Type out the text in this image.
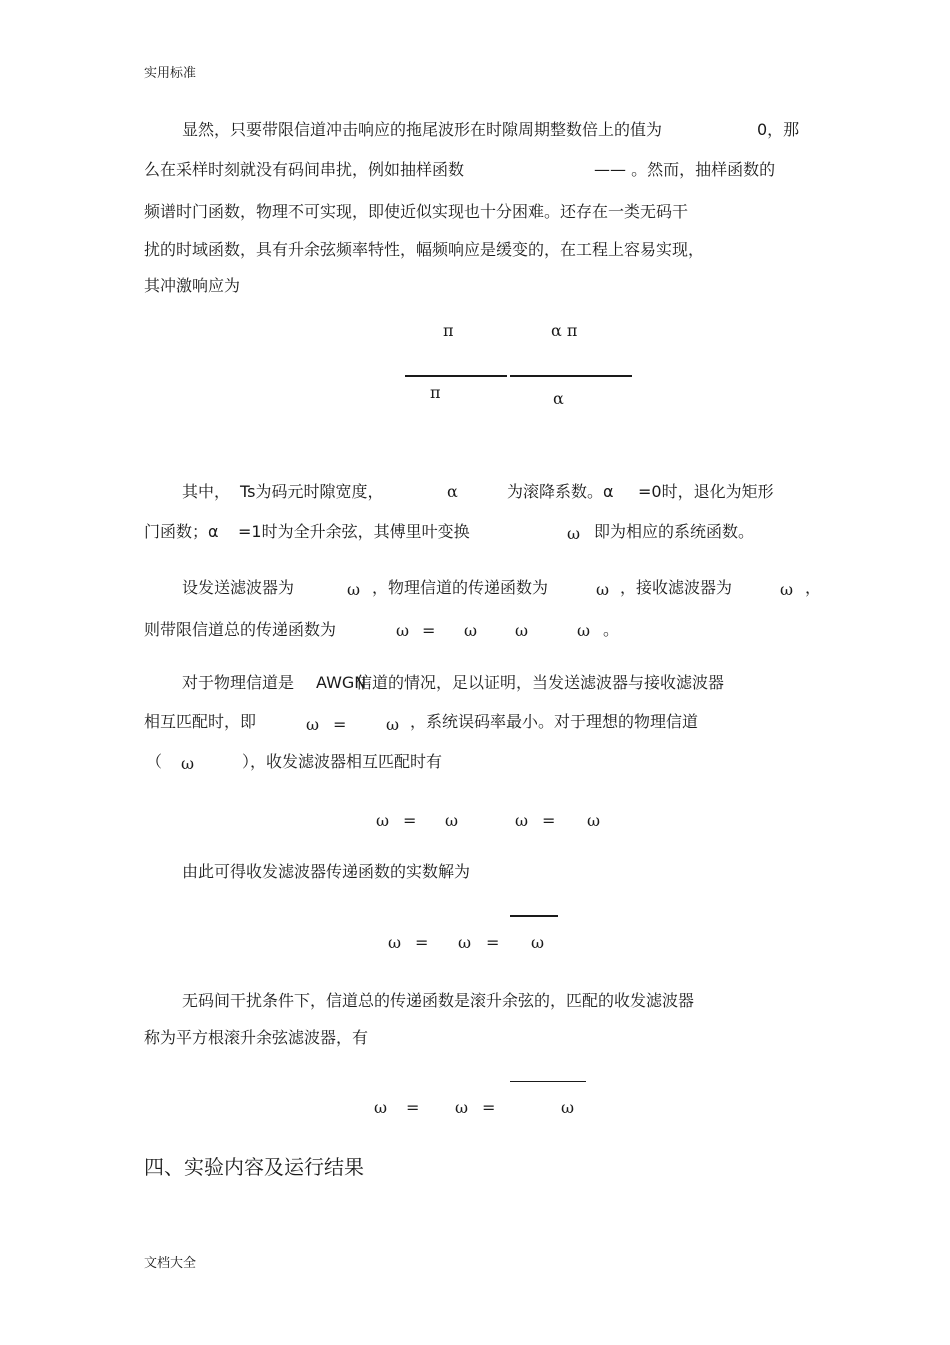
实用标准
显然，只要带限信道冲击响应的拖尾波形在时隙周期整数倍上的值为	0，那
么在采样时刻就没有码间串扰，例如抽样函数	—— 。然而，抽样函数的
频谱时门函数，物理不可实现，即使近似实现也十分困难。还存在一类无码干
扰的时域函数，具有升余弦频率特性，幅频响应是缓变的，在工程上容易实现，
其冲激响应为
π	α π
π	α
其中， Ts为码元时隙宽度，	α	为滚降系数。α =0时，退化为矩形
门函数；α =1时为全升余弦，其傅里叶变换	ω 即为相应的系统函数。
设发送滤波器为	ω ，物理信道的传递函数为	ω ，接收滤波器为	ω ，
则带限信道总的传递函数为	ω = ω ω	ω 。
对于物理信道是 AWGN
信道的情况，足以证明，当发送滤波器与接收滤波器
相互匹配时，即	ω = ω ，系统误码率最小。对于理想的物理信道
（ ω	），收发滤波器相互匹配时有
ω = ω	ω = ω
由此可得收发滤波器传递函数的实数解为
ω = ω = ω
无码间干扰条件下，信道总的传递函数是滚升余弦的，匹配的收发滤波器
称为平方根滚升余弦滤波器，有
ω = ω =	ω
四、实验内容及运行结果
文档大全
